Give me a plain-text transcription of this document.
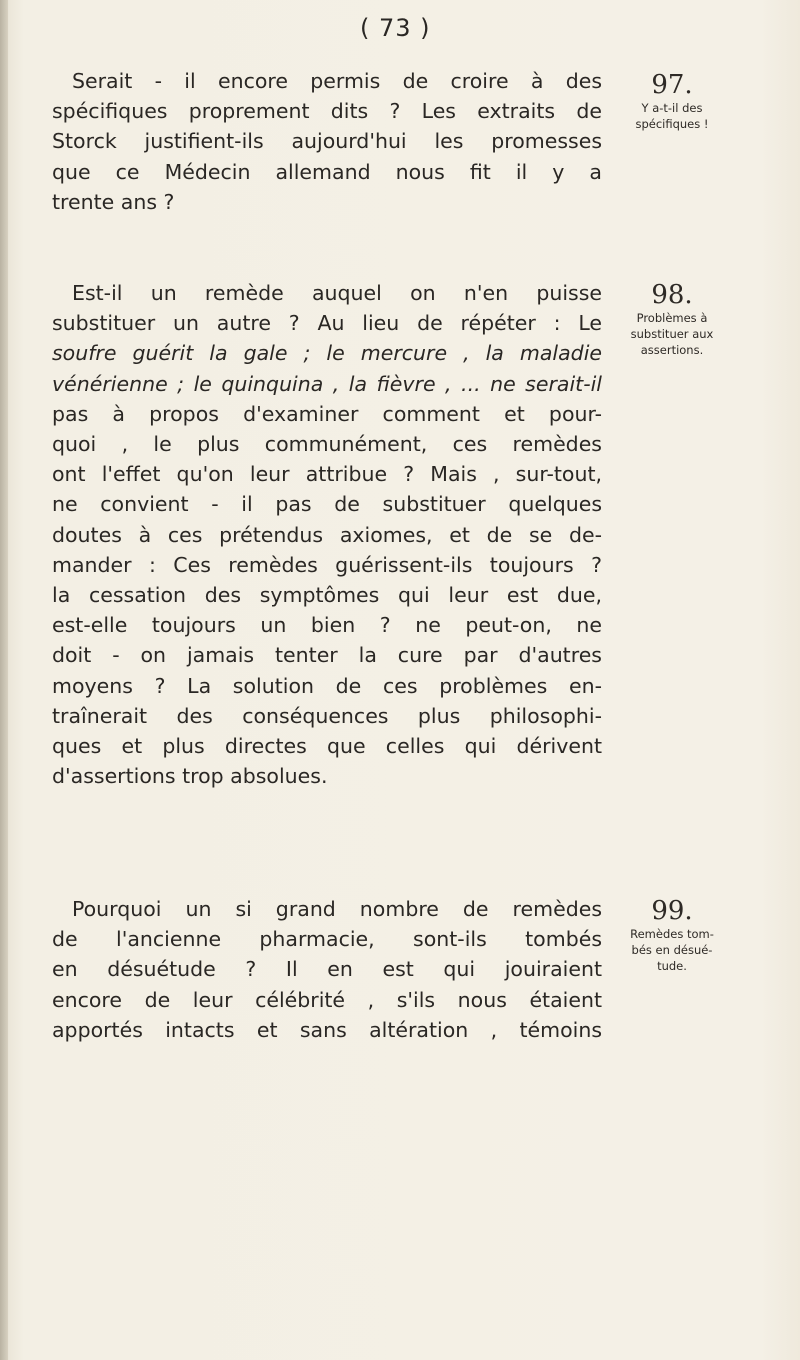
( 73 )
Serait - il encore permis de croire à des
spécifiques proprement dits ? Les extraits de
Storck justifient-ils aujourd'hui les promesses
que ce Médecin allemand nous fit il y a
trente ans ?
Est-il un remède auquel on n'en puisse
substituer un autre ? Au lieu de répéter : Le
soufre guérit la gale ; le mercure , la maladie
vénérienne ; le quinquina , la fièvre , ... ne serait-il
pas à propos d'examiner comment et pour-
quoi , le plus communément, ces remèdes
ont l'effet qu'on leur attribue ? Mais , sur-tout,
ne convient - il pas de substituer quelques
doutes à ces prétendus axiomes, et de se de-
mander : Ces remèdes guérissent-ils toujours ?
la cessation des symptômes qui leur est due,
est-elle toujours un bien ? ne peut-on, ne
doit - on jamais tenter la cure par d'autres
moyens ? La solution de ces problèmes en-
traînerait des conséquences plus philosophi-
ques et plus directes que celles qui dérivent
d'assertions trop absolues.
Pourquoi un si grand nombre de remèdes
de l'ancienne pharmacie, sont-ils tombés
en désuétude ? Il en est qui jouiraient
encore de leur célébrité , s'ils nous étaient
apportés intacts et sans altération , témoins
97.
Y a-t-il des
spécifiques !
98.
Problèmes à
substituer aux
assertions.
99.
Remèdes tom-
bés en désué-
tude.
